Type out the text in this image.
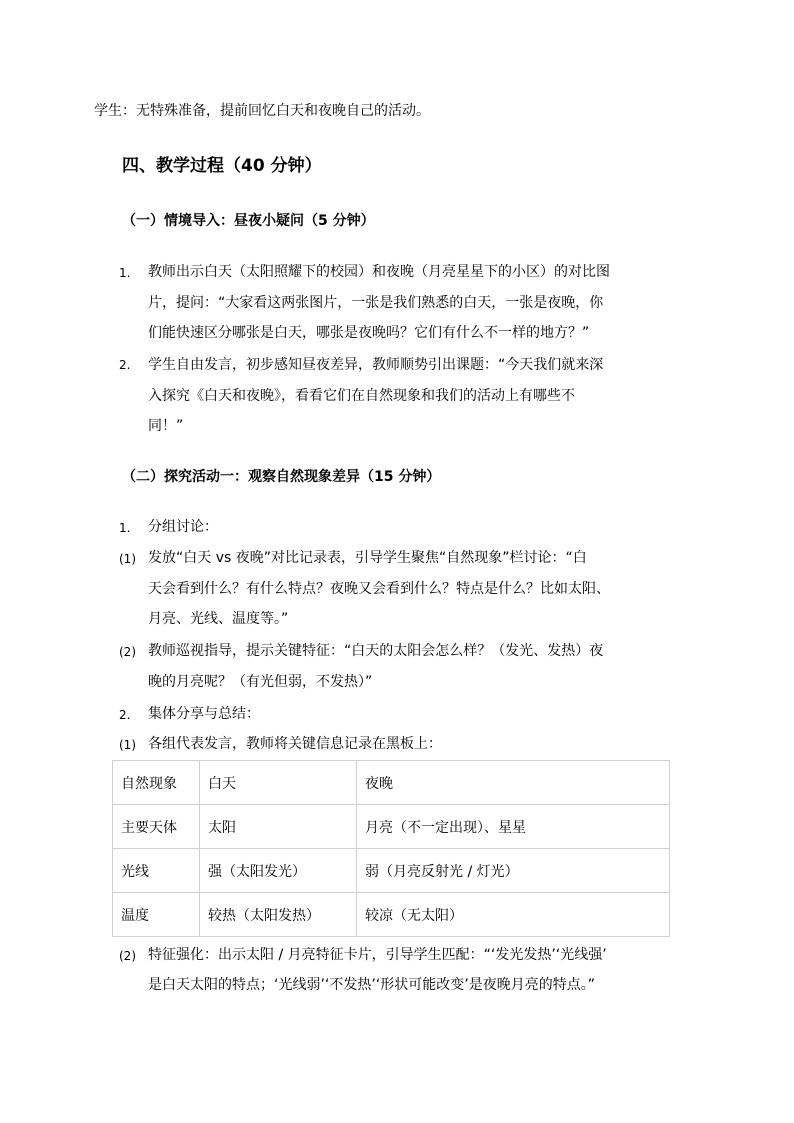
学生：无特殊准备，提前回忆白天和夜晚自己的活动。
四、教学过程（40 分钟）
（一）情境导入：昼夜小疑问（5 分钟）
1. 教师出示白天（太阳照耀下的校园）和夜晚（月亮星星下的小区）的对比图
片，提问：“大家看这两张图片，一张是我们熟悉的白天，一张是夜晚，你
们能快速区分哪张是白天，哪张是夜晚吗？它们有什么不一样的地方？”
2. 学生自由发言，初步感知昼夜差异，教师顺势引出课题：“今天我们就来深
入探究《白天和夜晚》，看看它们在自然现象和我们的活动上有哪些不
同！”
（二）探究活动一：观察自然现象差异（15 分钟）
1. 分组讨论：
(1) 发放“白天 vs 夜晚”对比记录表，引导学生聚焦“自然现象”栏讨论：“白
天会看到什么？有什么特点？夜晚又会看到什么？特点是什么？比如太阳、
月亮、光线、温度等。”
(2) 教师巡视指导，提示关键特征：“白天的太阳会怎么样？（发光、发热）夜
晚的月亮呢？（有光但弱，不发热）”
2. 集体分享与总结：
(1) 各组代表发言，教师将关键信息记录在黑板上：
自然现象	白天	夜晚
主要天体	太阳	月亮（不一定出现）、星星
光线	强（太阳发光）	弱（月亮反射光 / 灯光）
温度	较热（太阳发热）	较凉（无太阳）
(2) 特征强化：出示太阳 / 月亮特征卡片，引导学生匹配：“‘发光发热’‘光线强’
是白天太阳的特点；‘光线弱’‘不发热’‘形状可能改变’是夜晚月亮的特点。”
